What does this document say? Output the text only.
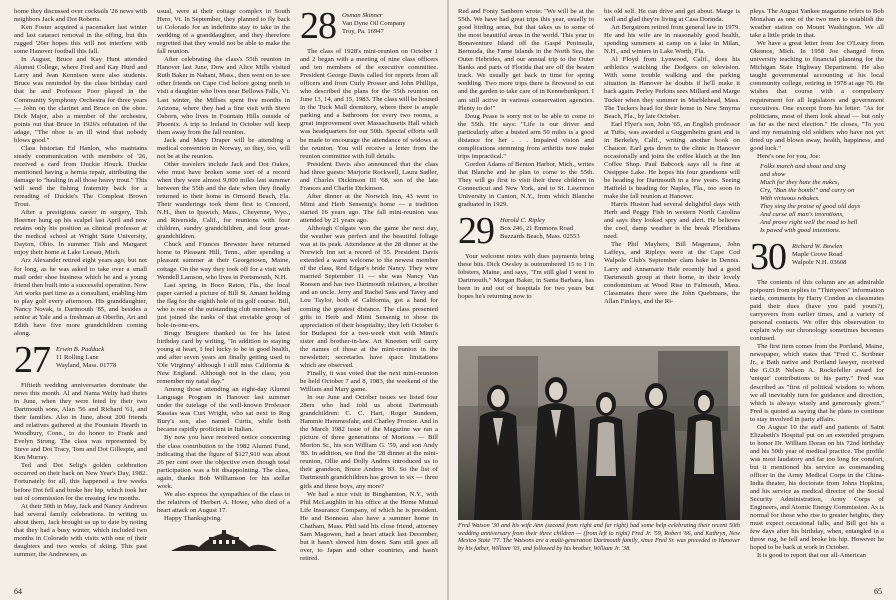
home they discussed over cocktails '26 news with neighbors Jack and Dot Roberts.

Ken Foster acquired a pacemaker last winter and last cataract removal in the offing, but this rugged '26er hopes this will not interfere with some Hanover football this fall.

In August, Bruce and Kay Hunt attended Alumni College, where Fred and Kay Hurd and Larry and Jean Kennison were also students. Bruce was reminded by the class birthday card that he and Professor Poor played in the Community Symphony Orchestra for three years — John on the clarinet and Bruce on the oboe. Dick Major, also a member of the orchestra, points out that Bruce in 1926's refutation of the adage, "The oboe is an ill wind that nobody blows good."

Class historian Ed Hanlon, who maintains steady communication with members of '26, received a card from Duckie Houck. Duckie mentioned having a hernia repair, attributing the damage to "hauling in all those heavy trout." This will send the fishing fraternity back for a rereading of Duckie's The Compleat Brown Trout.

After a prestigious career in surgery, Tish Hoerner hung up his scalpel last April and now retains only his position as clinical professor at the medical school at Wright State University, Dayton, Ohio. In summer Tish and Margaret enjoy their home at Lake Leesau, Mich.

Arz Alexander retired eight years ago, but not for long, as he was asked to take over a small mail order shoe business which he and a young friend then built into a successful operation. Now Art works part time as a consultant, enabling him to play golf every afternoon. His granddaughter, Nancy Novak, is Dartmouth '85, and besides a senior at Yale and a freshman at Oberlin, Art and Edith have five more grandchildren coming along.

27 Erwin B. Padduck
11 Rolling Lane
Wayland, Mass. 01778

Fiftieth wedding anniversaries dominate the news this month. Al and Nama Welty had theirs in June, when they were feted by their two Dartmouth sons, Alan '56 and Richard '61, and their families. Also in June, about 200 friends and relatives gathered at the Fountain Hearth in Woodbury, Conn., to do honor to Frank and Evelyn Strong. The class was represented by Steve and Dot Tracy, Tom and Dot Gillespie, and Ken Murray.

Ted and Dot Selig's golden celebration occurred on their back on New Year's Day, 1982. Fortunately for all, this happened a few weeks before Dot fell and broke her hip, which took her out of commission for the ensuing few months.

At their 50th in May, Jack and Nancy Andrews had several family celebrations. In writing us about them, Jack brought us up to date by noting that they had a busy winter, which included two months in Colorado with visits with one of their daughters and two weeks of skiing. This past summer, the Andrewses, as

usual, were at their cottage complex in South Hero, Vt. In September, they planned to fly back to Colorado for an indefinite stay to take in the wedding of a granddaughter, and they therefore regretted that they would not be able to make the fall reunion.

After celebrating the class's 55th reunion in Hanover last June, Dow and Alice Mills visited Ruth Baker in Nahant, Mass., then went on to see other friends on Cape Cod before going north to visit a daughter who lives near Bellows Falls, Vt. Last winter, the Millses spent five months in Arizona, where they had a fine visit with Steve Osborn, who lives in Fountain Hills outside of Phoenix. A trip to Ireland in October will keep them away from the fall reunion.

Jack and Mary Draper will be attending a medical convention in Norway, so they, too, will not be at the reunion.

Other travelers include Jack and Dot Oakes, who must have broken some sort of a record when they were almost 9,000 miles last summer between the 55th and the date when they finally returned to their home in Ormond Beach, Fla. Their wanderings took them first to Concord, N.H., then to Ipswich, Mass., Cheyenne, Wyo., and Riverside, Calif., for reunions with four children, sundry grandchildren, and four great-grandchildren.

Chuck and Frances Brewster have returned home to Pleasant Hill, Tenn., after spending a pleasant summer at their Georgetown, Maine, cottage. On the way they took off for a visit with Wendell Lamson, who lives in Portsmouth, N.H.

Last spring, in Boco Raton, Fla., the local paper carried a picture of Bill St. Amant holding the flag for the eighth hole of its golf course. Bill, who is one of the outstanding club members, had just joined the ranks of that enviable group of hole-in-one-ers.

Brugy Brugiere thanked us for his latest birthday card by writing, "In addition to staying young at heart, I feel lucky to be in good health, and after seven years am finally getting used to 'Ole Virginny' although I still miss California & New England. Although not in the class, you remember my natal day."

Among those attending an eight-day Alumni Language Program in Hanover last summer under the tutelage of the well-known Professor Rassias was Curt Wright, who sat next to Rog Bury's son, also named Curtis, while both became rapidly proficient in Italian.

By now you have received notice concerning the class contribution to the 1982 Alumni Fund, indicating that the figure of $127,910 was about 26 per cent over the objective even though total participation was a bit disappointing. The class, again, thanks Bob Williamson for his stellar work.

We also express the sympathies of the class to the relatives of Herbert A. Howe, who died of a heart attack on August 17.

Happy Thanksgiving.

28 Osman Skinner
Van Dyne Oil Company
Troy, Pa. 16947

The class of 1928's mini-reunion on October 1 and 2 began with a meeting of nine class officers and ten members of the executive committee. President George Davis called for reports from all officers and from Curly Prosser and John Phillips, who described the plans for the 55th reunion on June 13, 14, and 15, 1983. The class will be housed in the Tuck Mall dormitory, where there is ample parking and a bathroom for every two rooms, a great improvement over Massachusetts Hall which was headquarters for our 50th. Special efforts will be made to encourage the attendance of widows at the reunion. You will receive a letter from the reunion committee with full details.

President Davis also announced that the class had three guests: Marjorie Rockwell, Laura Sadler, and Charles Dickinson III '68, son of the late Frances and Charlie Dickinson.

After dinner at the Norwich Inn, 43 went to Mimi and Herb Sensenig's home — a tradition started 16 years ago. The fall mini-reunion was attended by 21 years ago.

Although Colgate won the game the next day, the weather was perfect and the beautiful foliage was at its peak. Attendance at the 28 dinner at the Norwich Inn set a record of 55. President Davis extended a warm welcome to the newest member of the class, Red Edgar's bride Nancy. They were married September 11 — she was Nancy Van Roosen and has two Dartmouth relatives, a brother and an uncle. Jerry and Rachel Sass and Tavey and Lou Taylor, both of California, got a hand for coming the greatest distance. The class presented gifts to Herb and Mimi Sensenig to show its appreciation of their hospitality; they left October 6 for Budapest for a two-week visit with Mimi's sister and brother-in-law. Art Kneeten will carry the names of those at the mini-reunion in the newsletter; secretaries have space limitations which are observed.

Finally, it was voted that the next mini-reunion be held October 7 and 8, 1983, the weekend of the William and Mary game.

In our June and October issues we listed four 28ers who had told us about Dartmouth grandchildren: C. C. Hart, Roger Sundeen, Hammie Hammesfahr, and Charley Proctor. And in the March 1982 issue of the Magazine we ran a picture of three generations of Mortons — Bill Morton Sr., his son William G. '59, and son Andy '83. In addition, we find the '28 dinner at the mini-reunion, Ollie and Dolly Andres introduced us to their grandson, Bruce Andros '83. So the list of Dartmouth grandchildren has grown to six — three girls and three boys, any more?

We had a nice visit in Binghamton, N.Y., with Phil McLaughlin in his office at the Home Mutual Life Insurance Company, of which he is president. He and Bonneau also have a summer home in Chatham, Mass. Phil said his close friend, attorney Sam Magowen, had a heart attack last December, but it hasn't slowed him down. Sam still goes all over, to Japan and other countries, and hasn't retired.

64

Red and Fonty Sanborn wrote: "We will be at the 55th. We have had great trips this year, usually to good birding areas, but that takes us to some of the most beautiful areas in the world. This year to Bonaventure Island off the Gaspé Peninsula, Bermuda, the Farne Islands in the North Sea, the Outer Hebrides, and our annual trip to the Outer Banks and parts of Florida that are off the beaten track. We usually get back in time for spring wedding. Two more trips there is firewood to cut and the garden to take care of in Kennebunkport. I am still active in various conservation agencies. Plenty to do!"

Doug Pease is sorry not to be able to come to the 55th. He says: "Life is our driver and particularly after a busted arm 50 miles is a good distance for her . . . Impaired vision and complications stemming from arthritis now make trips impractical."

Gordon Adams of Benton Harbor, Mich., writes that Blanche and he plan to come to the 55th. They will go first to visit their three children in Connecticut and New York, and to St. Lawrence University in Canton, N.Y., from which Blanche graduated in 1929.

29 Harold C. Ripley
Box 246, 21 Emmons Road
Buzzards Beach, Mass. 02553

Your welcome notes with dues payments bring these bits. Dick Owsley is outnumbered 15 to 1 in lobsters, Maine, and says, "I'm still glad I went to Dartmouth." Morgan Baker, in Santa Barbara, has been in and out of hospitals for two years but hopes he's returning now to

his old self. He can drive and get about. Marge is well and glad they're living at Casa Dorinda.

Art Bergstrom retired from general law in 1979. He and his wife are in reasonably good health, spending summers at camp on a lake in Milan, N.H., and winters in Lake Worth, Fla.

Al Floyd from Lynwood, Calif., does his arthletics watching the Dodgers on television. With some trouble walking and the parking situation in Hanover he doubts if he'll make it back again. Perley Perkins sees Millard and Marge Tucker when they summer in Marblehead, Mass. The Tuckers head for their home in New Smyrna Beach, Fla., by late October.

Earl Flyer's son, John '65, an English professor at Tufts, was awarded a Guggenheim grant and is in Berkeley, Calif., writing another book on Chaucer. Earl gets down to the clinic in Hanover occasionally and joins the coffee klatch at the Inn Coffee Shop. Paul Babcock says all is fine at Ossippee Lake. He hopes his four grandsons will be heading for Dartmouth in a few years. Seeing Hatfield is heading for Naples, Fla., too soon to make the fall reunion at Hanover.

Harris Huston had several delightful days with Herb and Peggy Fish in western North Carolina and says they looked spry and alert. He believes the cool, damp weather is the break Floridians need.

The Phil Mayhers, Bill Magenaus, John Laffeys, and Ripleys were at the Cape Cod Walpole Club's September clam bake in Dennis. Larry and Annamarie Hale recently had a good Dartmouth group at their home, in their lovely condominium at Wood Rise in Falmouth, Mass. Classmates there were the John Quebmans, the Allan Finlays, and the Ri-

Fred Watson '30 and his wife Ann (second from right and far right) had some help celebrating their recent 50th wedding anniversary from their three children — (from left to right) Fred Jr. '59, Robert '66, and Kathryn, New Mexico State '77. The Watsons are a multi-generation Dartmouth family, since Fred Sr. was preceded in Hanover by his father, William '03, and followed by his brother, William Jr. '38.

pleys. The August Yankee magazine refers to Bob Monahan as one of the two men to establish the weather station on Mount Washington. We all take a little pride in that.

We have a great letter from Joe O'Leary from Okemos, Mich. In 1958 Joe changed from university teaching to financial planning for the Michigan State Highway Department. He also taught governmental accounting at his local community college, retiring in 1978 at age 70. He wishes that course with a compulsory requirement for all legislators and government executives. One excerpt from his letter: "As for politicians, most of them look ahead — but only as far as the next election." He closes, "To you and my remaining old soldiers who have not yet dried up and blown away, health, happiness, and good luck."

Here's one for you, Joe:

Folks march and shout and sing
and show
Much for they hate the nukes,
Cry, "Ban the bomb!" and carry on
With virtuous rebukes.
They sing the praise of good old days
And curse all man's inventions,
And prove right well the road to hell
Is paved with good intentions.
30 Richard W. Bowlen
Maple Grove Road
Walpole N.H. 03608

The contents of this column are an admirable potpourri from replies to "Thirtyeers" information cards, comments by Harry Condon as classmates paid their dues (have you paid yours?), carryovers from earlier times, and a variety of personal contacts. We offer this observation to explain why our chronology sometimes becomes confused.

The first item comes from the Portland, Maine, newspaper, which states that "Fred C. Scribner Jr., a Bath native and Portland lawyer, received the G.O.P. Nelson A. Rockefeller award for 'unique' contributions to his party." Fred was described as "first of political wisdom to whom we all inevitably turn for guidance and direction, which is always wisely and generously given." Fred is quoted as saying that he plans to continue to stay involved in party affairs.

On August 10 the staff and patients of Saint Elizabeth's Hospital put on an extended program to honor Dr. William Doran on his 72nd birthday and his 50th year of medical practice. The profile was most laudatory and far too long for comfort, but it mentioned his service as commanding officer in the Army Medical Corps in the China-India theater, his doctorate from Johns Hopkins, and his service as medical director of the Social Security Administration, Army Corps of Engineers, and Atomic Energy Commission. As is normal for those who rise to greater heights, they must expect occasional falls, and Bill got his a few days after his birthday, when, entangled in a throw rug, he fell and broke his hip. However he hoped to be back at work in October.

It is good to report that our all-American

65
